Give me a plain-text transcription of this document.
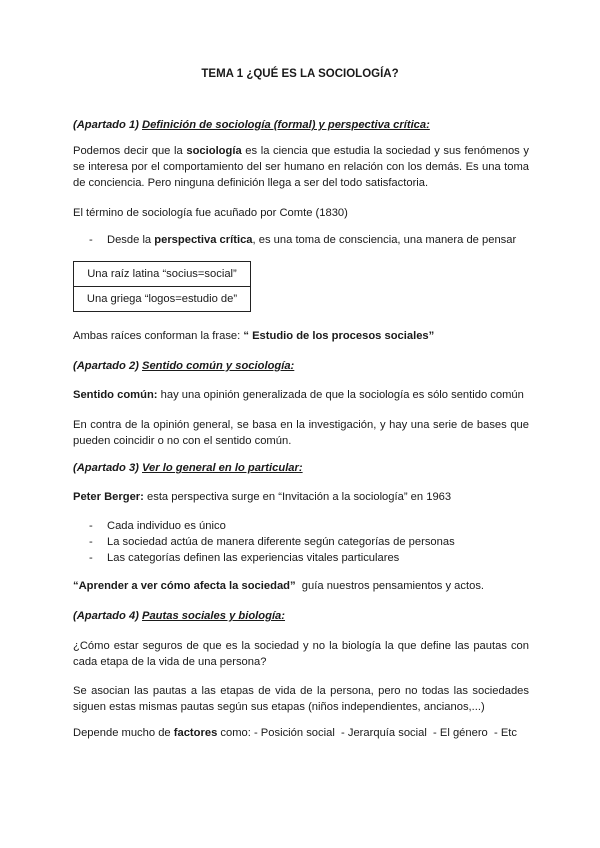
TEMA 1 ¿QUÉ ES LA SOCIOLOGÍA?
(Apartado 1) Definición de sociología (formal) y perspectiva crítica:
Podemos decir que la sociología es la ciencia que estudia la sociedad y sus fenómenos y se interesa por el comportamiento del ser humano en relación con los demás. Es una toma de conciencia. Pero ninguna definición llega a ser del todo satisfactoria.
El término de sociología fue acuñado por Comte (1830)
- Desde la perspectiva crítica, es una toma de consciencia, una manera de pensar
Una raíz latina “socius=social”
Una griega “logos=estudio de”
Ambas raíces conforman la frase: “ Estudio de los procesos sociales”
(Apartado 2) Sentido común y sociología:
Sentido común: hay una opinión generalizada de que la sociología es sólo sentido común
En contra de la opinión general, se basa en la investigación, y hay una serie de bases que pueden coincidir o no con el sentido común.
(Apartado 3) Ver lo general en lo particular:
Peter Berger: esta perspectiva surge en “Invitación a la sociología” en 1963
- Cada individuo es único
- La sociedad actúa de manera diferente según categorías de personas
- Las categorías definen las experiencias vitales particulares
“Aprender a ver cómo afecta la sociedad”  guía nuestros pensamientos y actos.
(Apartado 4) Pautas sociales y biología:
¿Cómo estar seguros de que es la sociedad y no la biología la que define las pautas con cada etapa de la vida de una persona?
Se asocian las pautas a las etapas de vida de la persona, pero no todas las sociedades siguen estas mismas pautas según sus etapas (niños independientes, ancianos,...)
Depende mucho de factores como: - Posición social  - Jerarquía social  - El género  - Etc
